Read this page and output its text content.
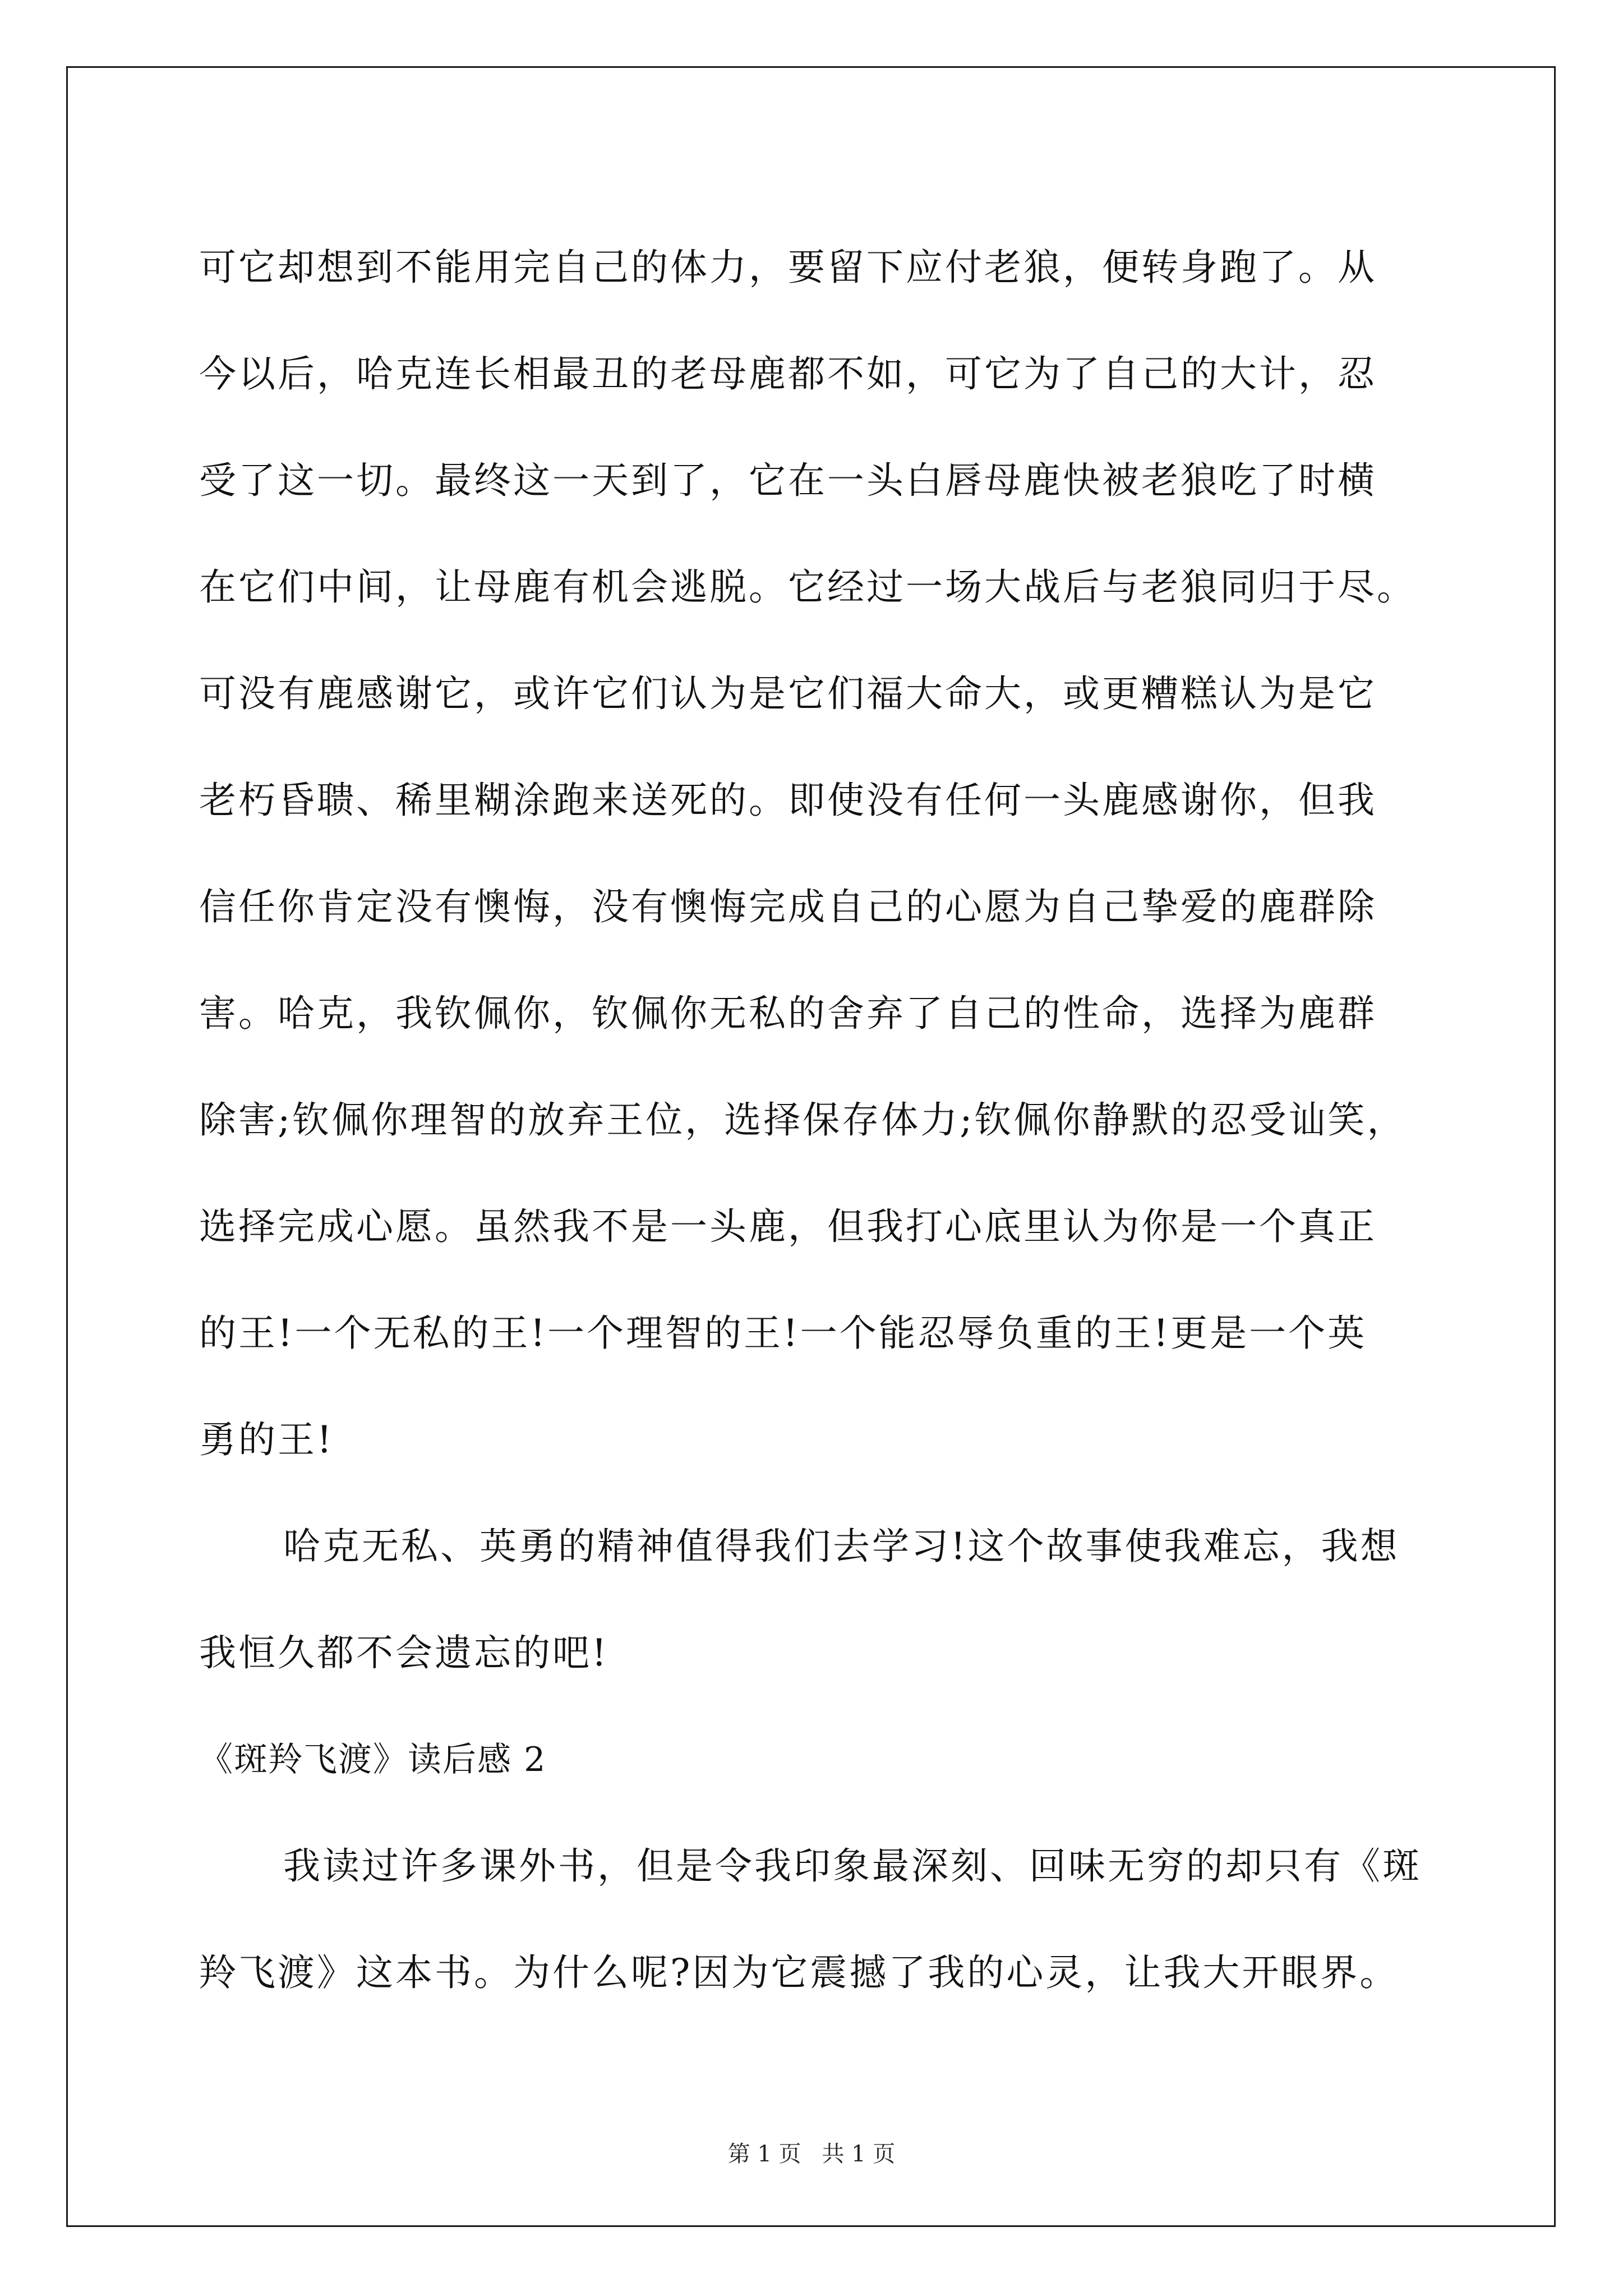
可它却想到不能用完自己的体力，要留下应付老狼，便转身跑了。从
今以后，哈克连长相最丑的老母鹿都不如，可它为了自己的大计，忍
受了这一切。最终这一天到了，它在一头白唇母鹿快被老狼吃了时横
在它们中间，让母鹿有机会逃脱。它经过一场大战后与老狼同归于尽。
可没有鹿感谢它，或许它们认为是它们福大命大，或更糟糕认为是它
老朽昏聩、稀里糊涂跑来送死的。即使没有任何一头鹿感谢你，但我
信任你肯定没有懊悔，没有懊悔完成自己的心愿为自己挚爱的鹿群除
害。哈克，我钦佩你，钦佩你无私的舍弃了自己的性命，选择为鹿群
除害;钦佩你理智的放弃王位，选择保存体力;钦佩你静默的忍受讪笑，
选择完成心愿。虽然我不是一头鹿，但我打心底里认为你是一个真正
的王!一个无私的王!一个理智的王!一个能忍辱负重的王!更是一个英
勇的王!
哈克无私、英勇的精神值得我们去学习!这个故事使我难忘，我想
我恒久都不会遗忘的吧!
《斑羚飞渡》读后感 2
我读过许多课外书，但是令我印象最深刻、回味无穷的却只有《斑
羚飞渡》这本书。为什么呢?因为它震撼了我的心灵，让我大开眼界。
第 1 页 共 1 页
